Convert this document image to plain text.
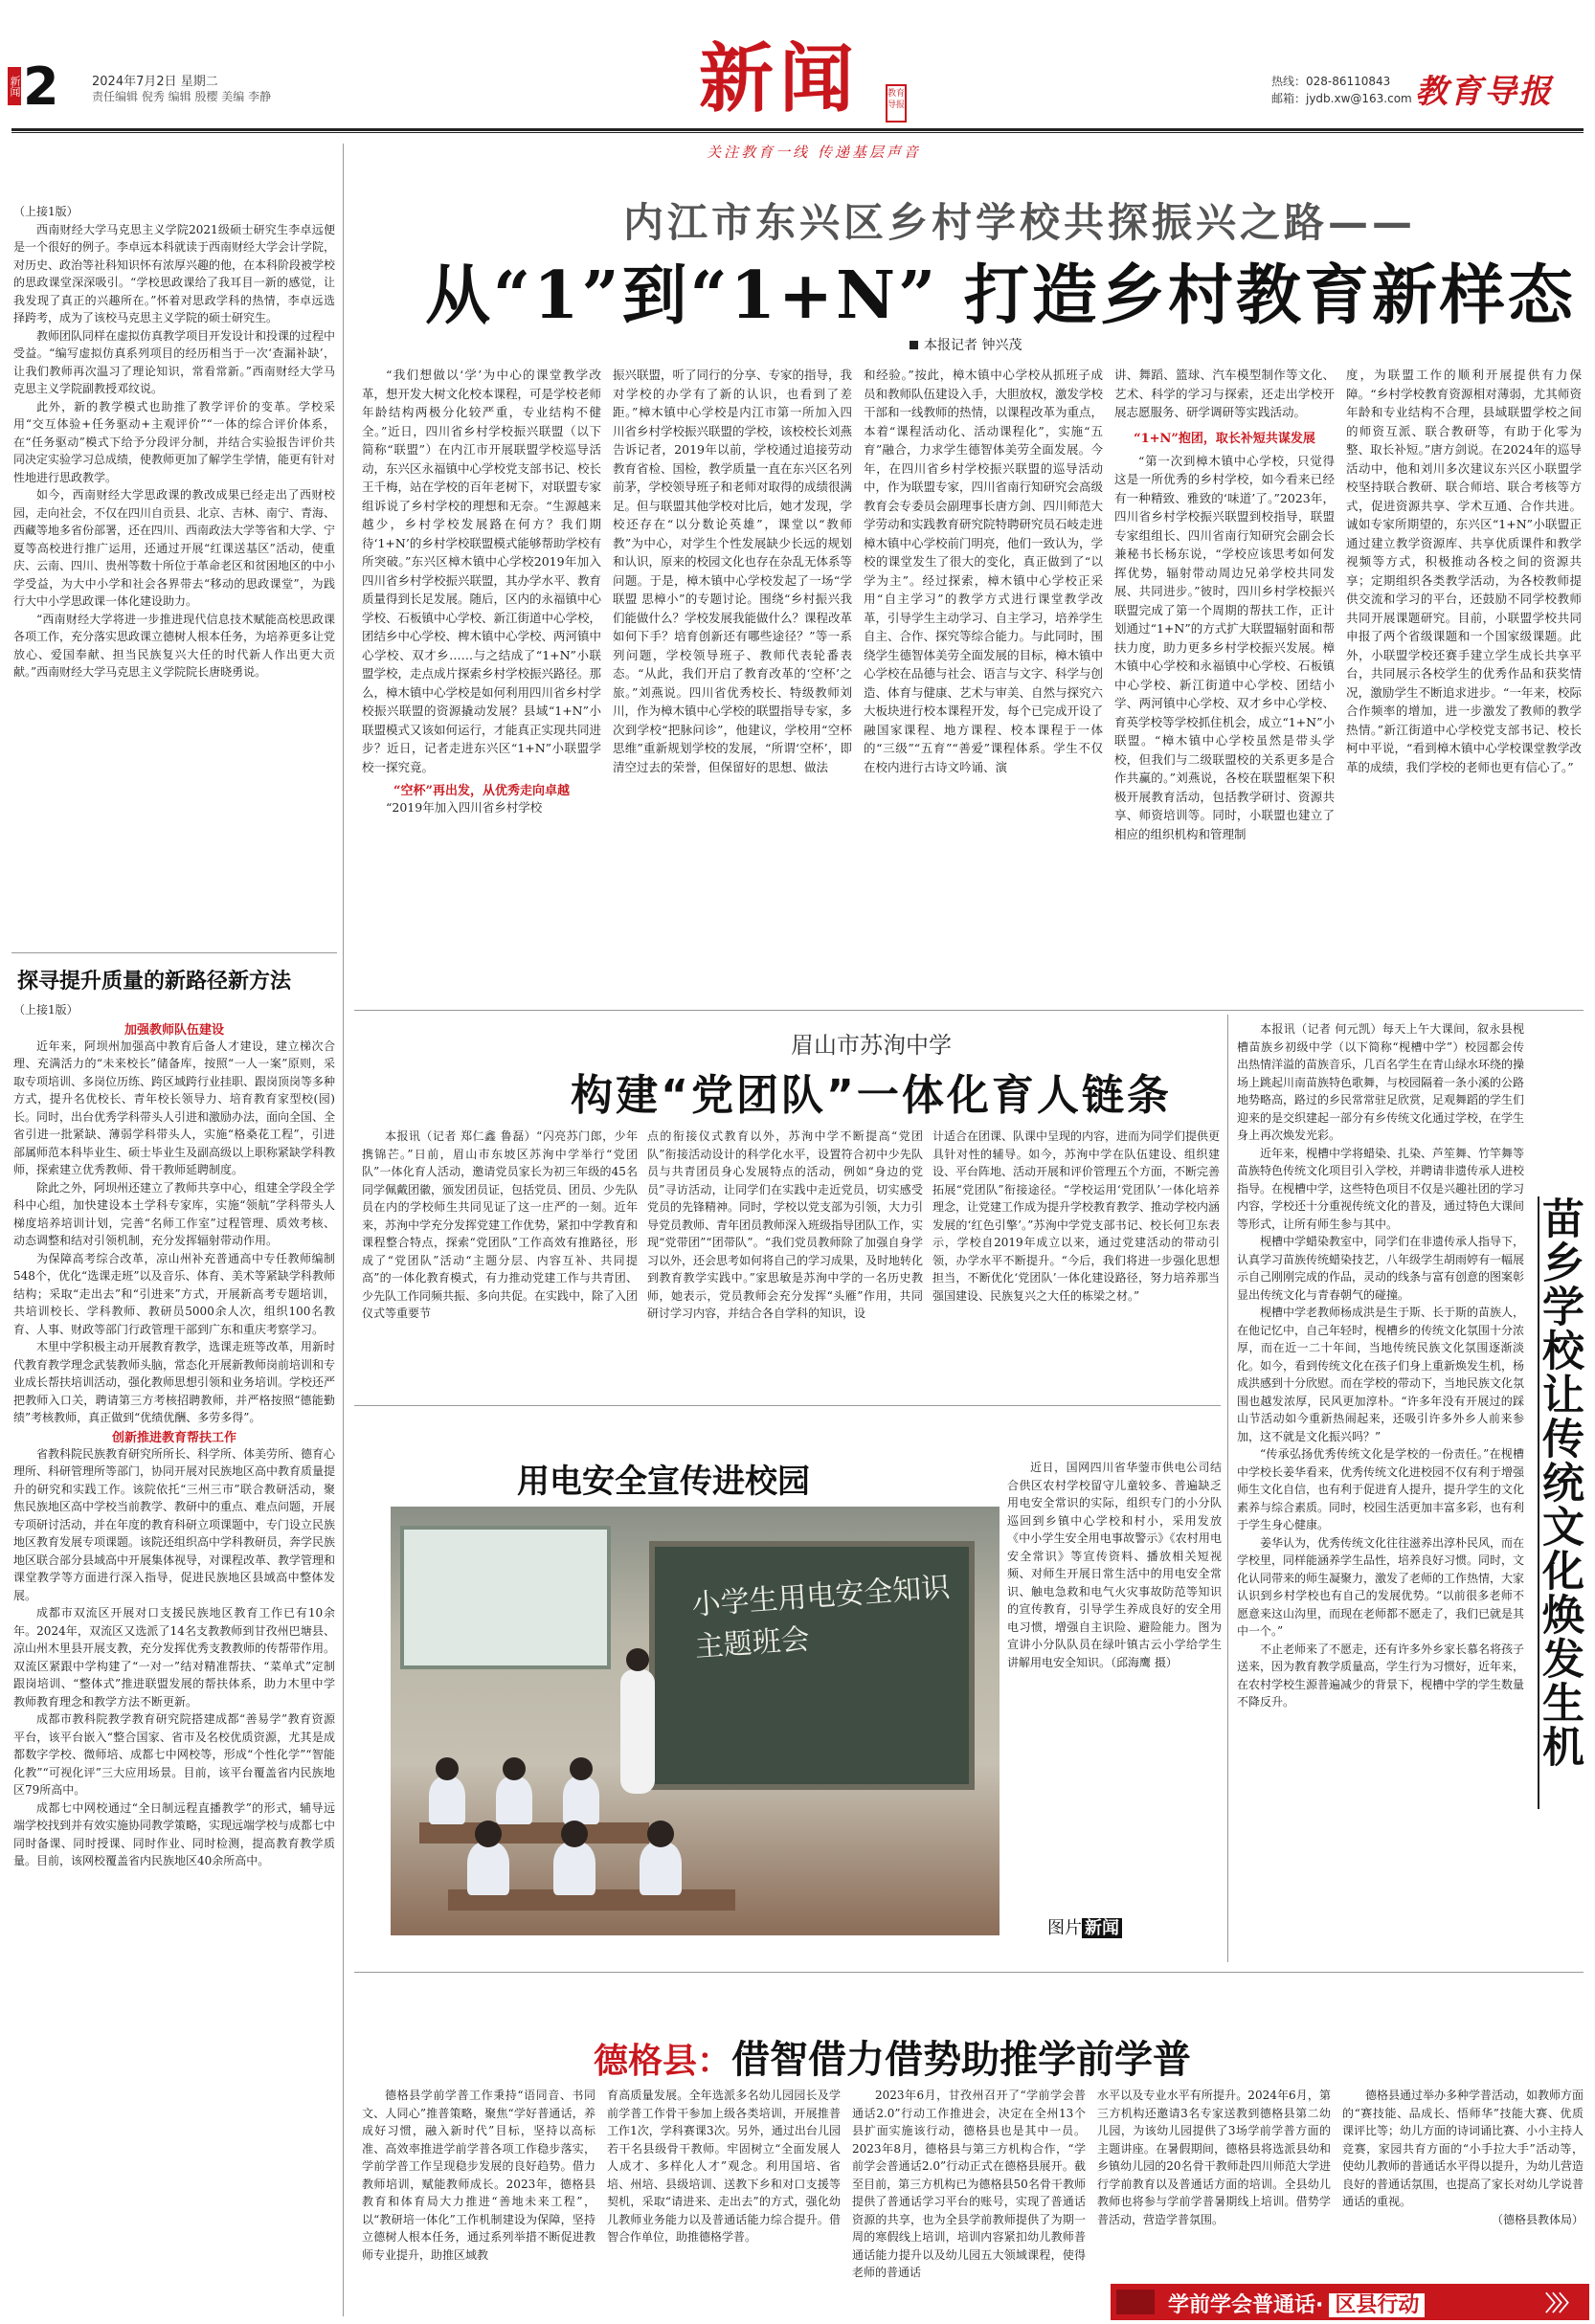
新闻 2	2024年7月2日 星期二
责任编辑 倪秀 编辑 殷樱 美编 李静	新闻	教育导报
关注教育一线 传递基层声音
热线：028-86110843
邮箱：jydb.xw@163.com 教育导报
（上接1版）

西南财经大学马克思主义学院2021级硕士研究生李卓远便是一个很好的例子。李卓远本科就读于西南财经大学会计学院，对历史、政治等社科知识怀有浓厚兴趣的他，在本科阶段被学校的思政课堂深深吸引。“学校思政课给了我耳目一新的感觉，让我发现了真正的兴趣所在。”怀着对思政学科的热情，李卓远选择跨考，成为了该校马克思主义学院的硕士研究生。

教师团队同样在虚拟仿真教学项目开发设计和投课的过程中受益。“编写虚拟仿真系列项目的经历相当于一次‘查漏补缺’，让我们教师再次温习了理论知识，常看常新。”西南财经大学马克思主义学院副教授邓纹说。

此外，新的教学模式也助推了教学评价的变革。学校采用“交互体验+任务驱动+主观评价”“一体的综合评价体系，在“任务驱动”模式下给予分段评分制，并结合实验报告评价共同决定实验学习总成绩，使教师更加了解学生学情，能更有针对性地进行思政教学。

如今，西南财经大学思政课的教改成果已经走出了西财校园，走向社会，不仅在四川自贡县、北京、吉林、南宁、青海、西藏等地多省份部署，还在四川、西南政法大学等省和大学、宁夏等高校进行推广运用，还通过开展“红课送基区”活动，使重庆、云南、四川、贵州等数十所位于革命老区和贫困地区的中小学受益，为大中小学和社会各界带去“移动的思政课堂”，为践行大中小学思政课一体化建设助力。

“西南财经大学将进一步推进现代信息技术赋能高校思政课各项工作，充分落实思政课立德树人根本任务，为培养更多让党放心、爱国奉献、担当民族复兴大任的时代新人作出更大贡献。”西南财经大学马克思主义学院院长唐晓勇说。

探寻提升质量的新路径新方法
（上接1版）
加强教师队伍建设

近年来，阿坝州加强高中教育后备人才建设，建立梯次合理、充满活力的“未来校长”储备库，按照“一人一案”原则，采取专项培训、多岗位历练、跨区域跨行业挂职、跟岗顶岗等多种方式，提升名优校长、青年校长领导力、培育教育家型校(园)长。同时，出台优秀学科带头人引进和激励办法，面向全国、全省引进一批紧缺、薄弱学科带头人，实施“格桑花工程”，引进部属师范本科毕业生、硕士毕业生及副高级以上职称紧缺学科教师，探索建立优秀教师、骨干教师延聘制度。

除此之外，阿坝州还建立了教师共享中心，组建全学段全学科中心组，加快建设本土学科专家库，实施“领航”学科带头人梯度培养培训计划，完善“名师工作室”过程管理、质效考核、动态调整和结对引领机制，充分发挥辐射带动作用。

为保障高考综合改革，凉山州补充普通高中专任教师编制548个，优化“选课走班”以及音乐、体育、美术等紧缺学科教师结构；采取“走出去”和“引进来”方式，开展新高考专题培训，共培训校长、学科教师、教研员5000余人次，组织100名教育、人事、财政等部门行政管理干部到广东和重庆考察学习。

木里中学积极主动开展教育教学，选课走班等改革，用新时代教育教学理念武装教师头脑，常态化开展新教师岗前培训和专业成长帮扶培训活动，强化教师思想引领和业务培训。学校还严把教师入口关，聘请第三方考核招聘教师，并严格按照“德能勤绩”考核教师，真正做到“优绩优酬、多劳多得”。

创新推进教育帮扶工作

省教科院民族教育研究所所长、科学所、体美劳所、德育心理所、科研管理所等部门，协同开展对民族地区高中教育质量提升的研究和实践工作。该院依托“三州三市”联合教研活动，聚焦民族地区高中学校当前教学、教研中的重点、难点问题，开展专项研讨活动，并在年度的教育科研立项课题中，专门设立民族地区教育发展专项课题。该院还组织高中学科教研员，奔学民族地区联合部分县域高中开展集体视导，对课程改革、教学管理和课堂教学等方面进行深入指导，促进民族地区县域高中整体发展。

成都市双流区开展对口支援民族地区教育工作已有10余年。2024年，双流区又选派了14名支教教师到甘孜州巴塘县、凉山州木里县开展支教，充分发挥优秀支教教师的传帮带作用。双流区紧跟中学构建了“一对一”结对精准帮扶、“菜单式”定制跟岗培训、“整体式”推进联盟发展的帮扶体系，助力木里中学教师教育理念和教学方法不断更新。

成都市教科院教学教育研究院搭建成都“善易学”教育资源平台，该平台嵌入“整合国家、省市及名校优质资源，尤其是成都数字学校、微师培、成都七中网校等，形成“个性化学”“智能化教”“可视化评”三大应用场景。目前，该平台覆盖省内民族地区79所高中。

成都七中网校通过“全日制远程直播教学”的形式，辅导远端学校找到并有效实施协同教学策略，实现远端学校与成都七中同时备课、同时授课、同时作业、同时检测，提高教育教学质量。目前，该网校覆盖省内民族地区40余所高中。

内江市东兴区乡村学校共探振兴之路——
从“1”到“1+N” 打造乡村教育新样态
本报记者 钟兴茂

“我们想做以‘学’为中心的课堂教学改革，想开发大树文化校本课程，可是学校老师年龄结构两极分化较严重，专业结构不健全。”近日，四川省乡村学校振兴联盟（以下简称“联盟”）在内江市开展联盟学校巡导活动，东兴区永福镇中心学校党支部书记、校长王千梅，站在学校的百年老树下，对联盟专家组诉说了乡村学校的理想和无奈。“生源越来越少，乡村学校发展路在何方？我们期待‘1+N’的乡村学校联盟模式能够帮助学校有所突破。”东兴区樟木镇中心学校2019年加入四川省乡村学校振兴联盟，其办学水平、教育质量得到长足发展。随后，区内的永福镇中心学校、石板镇中心学校、新江街道中心学校，团结乡中心学校、椑木镇中心学校、两河镇中心学校、双才乡……与之结成了“1+N”小联盟学校，走点成片探索乡村学校振兴路径。那么，樟木镇中心学校是如何利用四川省乡村学校振兴联盟的资源撬动发展？县域“1+N”小联盟模式又该如何运行，才能真正实现共同进步？近日，记者走进东兴区“1+N”小联盟学校一探究竟。

“空杯”再出发，从优秀走向卓越

“2019年加入四川省乡村学校

振兴联盟，听了同行的分享、专家的指导，我对学校的办学有了新的认识，也看到了差距。”樟木镇中心学校是内江市第一所加入四川省乡村学校振兴联盟的学校，该校校长刘燕告诉记者，2019年以前，学校通过追接劳动教育省检、国检，教学质量一直在东兴区名列前茅，学校领导班子和老师对取得的成绩很满足。但与联盟其他学校对比后，她才发现，学校还存在“以分数论英雄”，课堂以“教师教”为中心，对学生个性发展缺少长远的规划和认识，原来的校园文化也存在杂乱无体系等问题。于是，樟木镇中心学校发起了一场“学联盟 思樟小”的专题讨论。围绕“乡村振兴我们能做什么？学校发展我能做什么？课程改革如何下手？培育创新还有哪些途径？”等一系列问题，学校领导班子、教师代表轮番表态。“从此，我们开启了教育改革的‘空杯’之旅。”刘燕说。四川省优秀校长、特级教师刘川，作为樟木镇中心学校的联盟指导专家，多次到学校“把脉问诊”，他建议，学校用“空杯思维”重新规划学校的发展，“所谓‘空杯’，即清空过去的荣誉，但保留好的思想、做法

和经验。”按此，樟木镇中心学校从抓班子成员和教师队伍建设入手，大胆放权，激发学校干部和一线教师的热情，以课程改革为重点，本着“课程活动化、活动课程化”，实施“五育”融合，力求学生德智体美劳全面发展。今年，在四川省乡村学校振兴联盟的巡导活动中，作为联盟专家，四川省南行知研究会高级教育会专委员会副理事长唐方剑、四川师范大学劳动和实践教育研究院特聘研究员石岐走进樟木镇中心学校前门明亮，他们一致认为，学校的课堂发生了很大的变化，真正做到了“以学为主”。经过探索，樟木镇中心学校正采用“自主学习”的教学方式进行课堂教学改革，引导学生主动学习、自主学习，培养学生自主、合作、探究等综合能力。与此同时，围绕学生德智体美劳全面发展的目标，樟木镇中心学校在品德与社会、语言与文字、科学与创造、体育与健康、艺术与审美、自然与探究六大板块进行校本课程开发，每个已完成开设了融国家课程、地方课程、校本课程于一体的“三级”“五育”“善爱”课程体系。学生不仅在校内进行古诗文吟诵、演

讲、舞蹈、篮球、汽车模型制作等文化、艺术、科学的学习与探索，还走出学校开展志愿服务、研学调研等实践活动。

“1+N”抱团，取长补短共谋发展

“第一次到樟木镇中心学校，只觉得这是一所优秀的乡村学校，如今看来已经有一种精致、雅致的‘味道’了。”2023年，四川省乡村学校振兴联盟到校指导，联盟专家组组长、四川省南行知研究会副会长兼秘书长杨东说，“学校应该思考如何发挥优势，辐射带动周边兄弟学校共同发展、共同进步。”彼时，四川乡村学校振兴联盟完成了第一个周期的帮扶工作，正计划通过“1+N”的方式扩大联盟辐射面和帮扶力度，助力更多乡村学校振兴发展。樟木镇中心学校和永福镇中心学校、石板镇中心学校、新江街道中心学校、团结小学、两河镇中心学校、双才乡中心学校、育英学校等学校抓住机会，成立“1+N”小联盟。“樟木镇中心学校虽然是带头学校，但我们与二级联盟校的关系更多是合作共赢的。”刘燕说，各校在联盟框架下积极开展教育活动，包括教学研讨、资源共享、师资培训等。同时，小联盟也建立了相应的组织机构和管理制

度，为联盟工作的顺利开展提供有力保障。“乡村学校教育资源相对薄弱，尤其师资年龄和专业结构不合理，县域联盟学校之间的师资互派、联合教研等，有助于化零为整、取长补短。”唐方剑说。在2024年的巡导活动中，他和刘川多次建议东兴区小联盟学校坚持联合教研、联合师培、联合考核等方式，促进资源共享、学术互通、合作共进。诚如专家所期望的，东兴区“1+N”小联盟正通过建立教学资源库、共享优质课件和教学视频等方式，积极推动各校之间的资源共享；定期组织各类教学活动，为各校教师提供交流和学习的平台，还鼓励不同学校教师共同开展课题研究。目前，小联盟学校共同申报了两个省级课题和一个国家级课题。此外，小联盟学校还赛手建立学生成长共享平台，共同展示各校学生的优秀作品和获奖情况，激励学生不断追求进步。“一年来，校际合作频率的增加，进一步激发了教师的教学热情。”新江街道中心学校党支部书记、校长柯中平说，“看到樟木镇中心学校课堂教学改革的成绩，我们学校的老师也更有信心了。”

眉山市苏洵中学
构建“党团队”一体化育人链条

本报讯（记者 郑仁鑫 鲁磊）“闪亮苏门郎，少年携锦芒。”日前，眉山市东坡区苏洵中学举行“党团队”一体化育人活动，邀请党员家长为初三年级的45名同学佩戴团徽，颁发团员证，包括党员、团员、少先队员在内的学校师生共同见证了这一庄严的一刻。近年来，苏洵中学充分发挥党建工作优势，紧扣中学教育和课程整合特点，探索“党团队”工作高效有推路径，形成了“党团队”活动“主题分层、内容互补、共同提高”的一体化教育模式，有力推动党建工作与共青团、少先队工作同频共振、多向共促。在实践中，除了入团仪式等重要节

点的衔接仪式教育以外，苏洵中学不断提高“党团队”衔接活动设计的科学化水平，设置符合初中少先队员与共青团员身心发展特点的活动，例如“身边的党员”寻访活动，让同学们在实践中走近党员，切实感受党员的先锋精神。同时，学校以党支部为引领，大力引导党员教师、青年团员教师深入班级指导团队工作，实现“党带团”“团带队”。“我们党员教师除了加强自身学习以外，还会思考如何将自己的学习成果，及时地转化到教育教学实践中。”家思敏是苏洵中学的一名历史教师，她表示，党员教师会充分发挥“头雁”作用，共同研讨学习内容，并结合各自学科的知识，设

计适合在团课、队课中呈现的内容，进而为同学们提供更具针对性的辅导。如今，苏洵中学在队伍建设、组织建设、平台阵地、活动开展和评价管理五个方面，不断完善拓展“党团队”衔接途径。“学校运用‘党团队’一体化培养理念，让党建工作成为提升学校教育教学、推动学校内涵发展的‘红色引擎’。”苏洵中学党支部书记、校长何卫东表示，学校自2019年成立以来，通过党建活动的带动引领，办学水平不断提升。“今后，我们将进一步强化思想担当，不断优化‘党团队’一体化建设路径，努力培养那当强国建设、民族复兴之大任的栋梁之材。”

本报讯（记者 何元凯）每天上午大课间，叙永县枧槽苗族乡初级中学（以下简称“枧槽中学”）校园都会传出热情洋溢的苗族音乐，几百名学生在青山绿水环绕的操场上跳起川南苗族特色歌舞，与校园隔着一条小溪的公路地势略高，路过的乡民常常驻足欣赏，足观舞蹈的学生们迎来的是交织建起一部分有乡传统文化通过学校，在学生身上再次焕发光彩。

近年来，枧槽中学将蜡染、扎染、芦笙舞、竹竿舞等苗族特色传统文化项目引入学校，并聘请非遗传承人进校指导。在枧槽中学，这些特色项目不仅是兴趣社团的学习内容，学校还十分重视传统文化的普及，通过特色大课间等形式，让所有师生参与其中。

枧槽中学蜡染教室中，同学们在非遗传承人指导下，认真学习苗族传统蜡染技艺，八年级学生胡雨婷有一幅展示自己刚刚完成的作品，灵动的线条与富有创意的图案彰显出传统文化与青春朝气的碰撞。

枧槽中学老教师杨成洪是生于斯、长于斯的苗族人，在他记忆中，自己年轻时，枧槽乡的传统文化氛围十分浓厚，而在近一二十年间，当地传统民族文化氛围逐渐淡化。如今，看到传统文化在孩子们身上重新焕发生机，杨成洪感到十分欣慰。而在学校的带动下，当地民族文化氛围也越发浓厚，民风更加淳朴。“许多年没有开展过的踩山节活动如今重新热闹起来，还吸引许多外乡人前来参加，这不就是文化振兴吗？”

“传承弘扬优秀传统文化是学校的一份责任。”在枧槽中学校长姜华看来，优秀传统文化进校园不仅有利于增强师生文化自信，也有利于促进育人提升，提升学生的文化素养与综合素质。同时，校园生活更加丰富多彩，也有利于学生身心健康。

姜华认为，优秀传统文化往往滋养出淳朴民风，而在学校里，同样能涵养学生品性，培养良好习惯。同时，文化认同带来的师生凝聚力，激发了老师的工作热情，大家认识到乡村学校也有自己的发展优势。“以前很多老师不愿意来这山沟里，而现在老师都不愿走了，我们已就是其中一个。”

不止老师来了不愿走，还有许多外乡家长慕名将孩子送来，因为教育教学质量高，学生行为习惯好，近年来，在农村学校生源普遍减少的背景下，枧槽中学的学生数量不降反升。	苗乡学校让传统文化焕发生机
用电安全宣传进校园
小学生用电安全知识主题班会

近日，国网四川省华蓥市供电公司结合供区农村学校留守儿童较多、普遍缺乏用电安全常识的实际，组织专门的小分队巡回到乡镇中心学校和村小，采用发放《中小学生安全用电事故警示》《农村用电安全常识》等宣传资料、播放相关短视频、对师生开展日常生活中的用电安全常识、触电急救和电气火灾事故防范等知识的宣传教育，引导学生养成良好的安全用电习惯，增强自主识险、避险能力。图为宣讲小分队队员在绿叶镇古云小学给学生讲解用电安全知识。（邱海鹰 摄）

图片 新闻
德格县：借智借力借势助推学前学普

德格县学前学普工作秉持“语同音、书同文、人同心”推普策略，聚焦“学好普通话，养成好习惯，融入新时代”目标，坚持以高标准、高效率推进学前学普各项工作稳步落实，学前学普工作呈现稳步发展的良好趋势。借力教师培训，赋能教师成长。2023年，德格县教育和体育局大力推进“善地未来工程”，以“教研培一体化”工作机制建设为保障，坚持立德树人根本任务，通过系列举措不断促进教师专业提升，助推区域教

育高质量发展。全年选派多名幼儿园园长及学前学普工作骨干参加上级各类培训，开展推普工作1次，学科赛课3次。另外，通过出台儿园若干名县级骨干教师。牢固树立“全面发展人人成才、多样化人才”观念。利用国培、省培、州培、县级培训、送教下乡和对口支援等契机，采取“请进来、走出去”的方式，强化幼儿教师业务能力以及普通话能力综合提升。借智合作单位，助推德格学普。

2023年6月，甘孜州召开了“学前学会普通话2.0”行动工作推进会，决定在全州13个县扩面实施该行动，德格县也是其中一员。2023年8月，德格县与第三方机构合作，“学前学会普通话2.0”行动正式在德格县展开。截至目前，第三方机构已为德格县50名骨干教师提供了普通话学习平台的账号，实现了普通话资源的共享，也为全县学前教师提供了为期一周的寒假线上培训，培训内容紧扣幼儿教师普通话能力提升以及幼儿园五大领域课程，使得老师的普通话

水平以及专业水平有所提升。2024年6月，第三方机构还邀请3名专家送教到德格县第二幼儿园，为该幼儿园提供了3场学前学普方面的主题讲座。在暑假期间，德格县将选派县幼和乡镇幼儿园的20名骨干教师赴四川师范大学进行学前教育以及普通话方面的培训。全县幼儿教师也将参与学前学普暑期线上培训。借势学普活动，营造学普氛围。

德格县通过举办多种学普活动，如教师方面的“赛技能、品成长、悟师华”技能大赛、优质课评比等；幼儿方面的诗词诵比赛、小小主持人竞赛，家园共育方面的“小手拉大手”活动等，使幼儿教师的普通话水平得以提升，为幼儿营造良好的普通话氛围，也提高了家长对幼儿学说普通话的重视。

（德格县教体局）
学前学会普通话· 区县行动	〉〉〉
